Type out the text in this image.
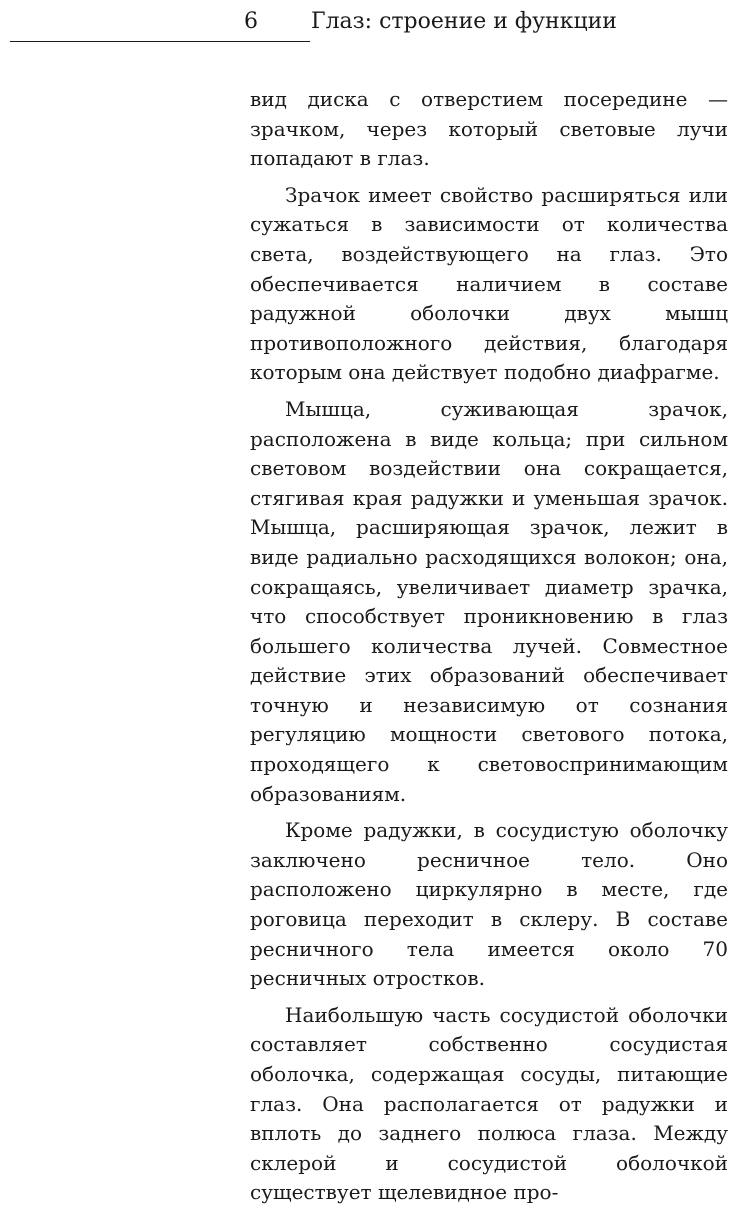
6 Глаз: строение и функции

вид диска с отверстием посередине — зрачком, через который световые лучи попадают в глаз.

Зрачок имеет свойство расширяться или сужаться в зависимости от количества света, воздействующего на глаз. Это обеспечивается наличием в составе радужной оболочки двух мышц противоположного действия, благодаря которым она действует подобно диафрагме.

Мышца, суживающая зрачок, расположена в виде кольца; при сильном световом воздействии она сокращается, стягивая края радужки и уменьшая зрачок. Мышца, расширяющая зрачок, лежит в виде радиально расходящихся волокон; она, сокращаясь, увеличивает диаметр зрачка, что способствует проникновению в глаз большего количества лучей. Совместное действие этих образований обеспечивает точную и независимую от сознания регуляцию мощности светового потока, проходящего к световоспринимающим образованиям.

Кроме радужки, в сосудистую оболочку заключено ресничное тело. Оно расположено циркулярно в месте, где роговица переходит в склеру. В составе ресничного тела имеется около 70 ресничных отростков.

Наибольшую часть сосудистой оболочки составляет собственно сосудистая оболочка, содержащая сосуды, питающие глаз. Она располагается от радужки и вплоть до заднего полюса глаза. Между склерой и сосудистой оболочкой существует щелевидное про-
